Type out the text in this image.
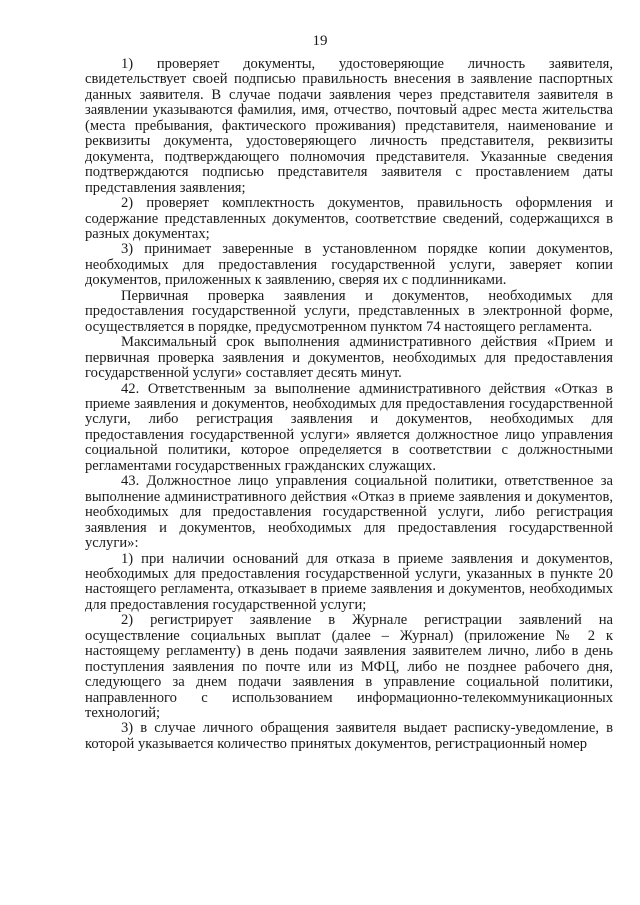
19

1) проверяет документы, удостоверяющие личность заявителя, свидетельствует своей подписью правильность внесения в заявление паспортных данных заявителя. В случае подачи заявления через представителя заявителя в заявлении указываются фамилия, имя, отчество, почтовый адрес места жительства (места пребывания, фактического проживания) представителя, наименование и реквизиты документа, удостоверяющего личность представителя, реквизиты документа, подтверждающего полномочия представителя. Указанные сведения подтверждаются подписью представителя заявителя с проставлением даты представления заявления;

2) проверяет комплектность документов, правильность оформления и содержание представленных документов, соответствие сведений, содержащихся в разных документах;

3) принимает заверенные в установленном порядке копии документов, необходимых для предоставления государственной услуги, заверяет копии документов, приложенных к заявлению, сверяя их с подлинниками.

Первичная проверка заявления и документов, необходимых для предоставления государственной услуги, представленных в электронной форме, осуществляется в порядке, предусмотренном пунктом 74 настоящего регламента.

Максимальный срок выполнения административного действия «Прием и первичная проверка заявления и документов, необходимых для предоставления государственной услуги» составляет десять минут.

42. Ответственным за выполнение административного действия «Отказ в приеме заявления и документов, необходимых для предоставления государственной услуги, либо регистрация заявления и документов, необходимых для предоставления государственной услуги» является должностное лицо управления социальной политики, которое определяется в соответствии с должностными регламентами государственных гражданских служащих.

43. Должностное лицо управления социальной политики, ответственное за выполнение административного действия «Отказ в приеме заявления и документов, необходимых для предоставления государственной услуги, либо регистрация заявления и документов, необходимых для предоставления государственной услуги»:

1) при наличии оснований для отказа в приеме заявления и документов, необходимых для предоставления государственной услуги, указанных в пункте 20 настоящего регламента, отказывает в приеме заявления и документов, необходимых для предоставления государственной услуги;

2) регистрирует заявление в Журнале регистрации заявлений на осуществление социальных выплат (далее – Журнал) (приложение № 2 к настоящему регламенту) в день подачи заявления заявителем лично, либо в день поступления заявления по почте или из МФЦ, либо не позднее рабочего дня, следующего за днем подачи заявления в управление социальной политики, направленного с использованием информационно-телекоммуникационных технологий;

3) в случае личного обращения заявителя выдает расписку-уведомление, в которой указывается количество принятых документов, регистрационный номер
